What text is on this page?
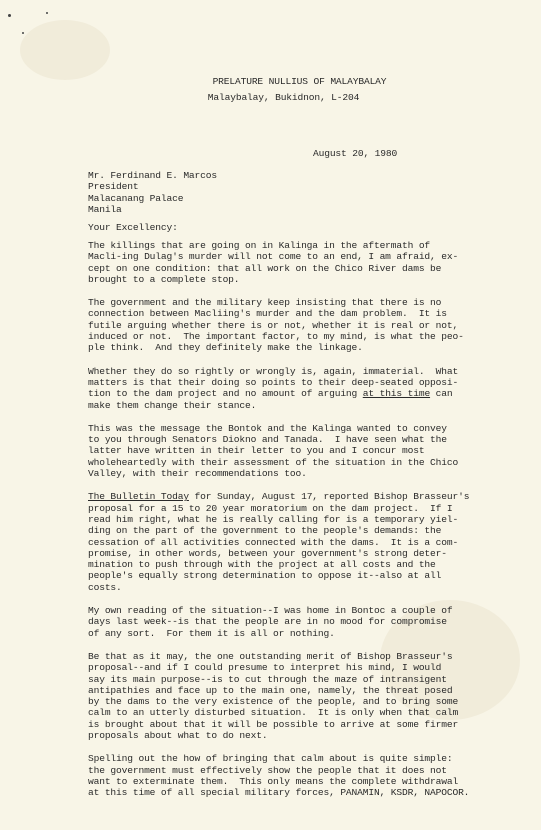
PRELATURE NULLIUS OF MALAYBALAY
Malaybalay, Bukidnon, L-204
August 20, 1980
Mr. Ferdinand E. Marcos
President
Malacanang Palace
Manila
Your Excellency:
The killings that are going on in Kalinga in the aftermath of
Macli-ing Dulag's murder will not come to an end, I am afraid, ex-
cept on one condition: that all work on the Chico River dams be
brought to a complete stop.
The government and the military keep insisting that there is no
connection between Macliing's murder and the dam problem.  It is
futile arguing whether there is or not, whether it is real or not,
induced or not.  The important factor, to my mind, is what the peo-
ple think.  And they definitely make the linkage.
Whether they do so rightly or wrongly is, again, immaterial.  What
matters is that their doing so points to their deep-seated opposi-
tion to the dam project and no amount of arguing at this time can
make them change their stance.
This was the message the Bontok and the Kalinga wanted to convey
to you through Senators Diokno and Tanada.  I have seen what the
latter have written in their letter to you and I concur most
wholeheartedly with their assessment of the situation in the Chico
Valley, with their recommendations too.
The Bulletin Today for Sunday, August 17, reported Bishop Brasseur's
proposal for a 15 to 20 year moratorium on the dam project.  If I
read him right, what he is really calling for is a temporary yiel-
ding on the part of the government to the people's demands: the
cessation of all activities connected with the dams.  It is a com-
promise, in other words, between your government's strong deter-
mination to push through with the project at all costs and the
people's equally strong determination to oppose it--also at all
costs.
My own reading of the situation--I was home in Bontoc a couple of
days last week--is that the people are in no mood for compromise
of any sort.  For them it is all or nothing.
Be that as it may, the one outstanding merit of Bishop Brasseur's
proposal--and if I could presume to interpret his mind, I would
say its main purpose--is to cut through the maze of intransigent
antipathies and face up to the main one, namely, the threat posed
by the dams to the very existence of the people, and to bring some
calm to an utterly disturbed situation.  It is only when that calm
is brought about that it will be possible to arrive at some firmer
proposals about what to do next.
Spelling out the how of bringing that calm about is quite simple:
the government must effectively show the people that it does not
want to exterminate them.  This only means the complete withdrawal
at this time of all special military forces, PANAMIN, KSDR, NAPOCOR.
